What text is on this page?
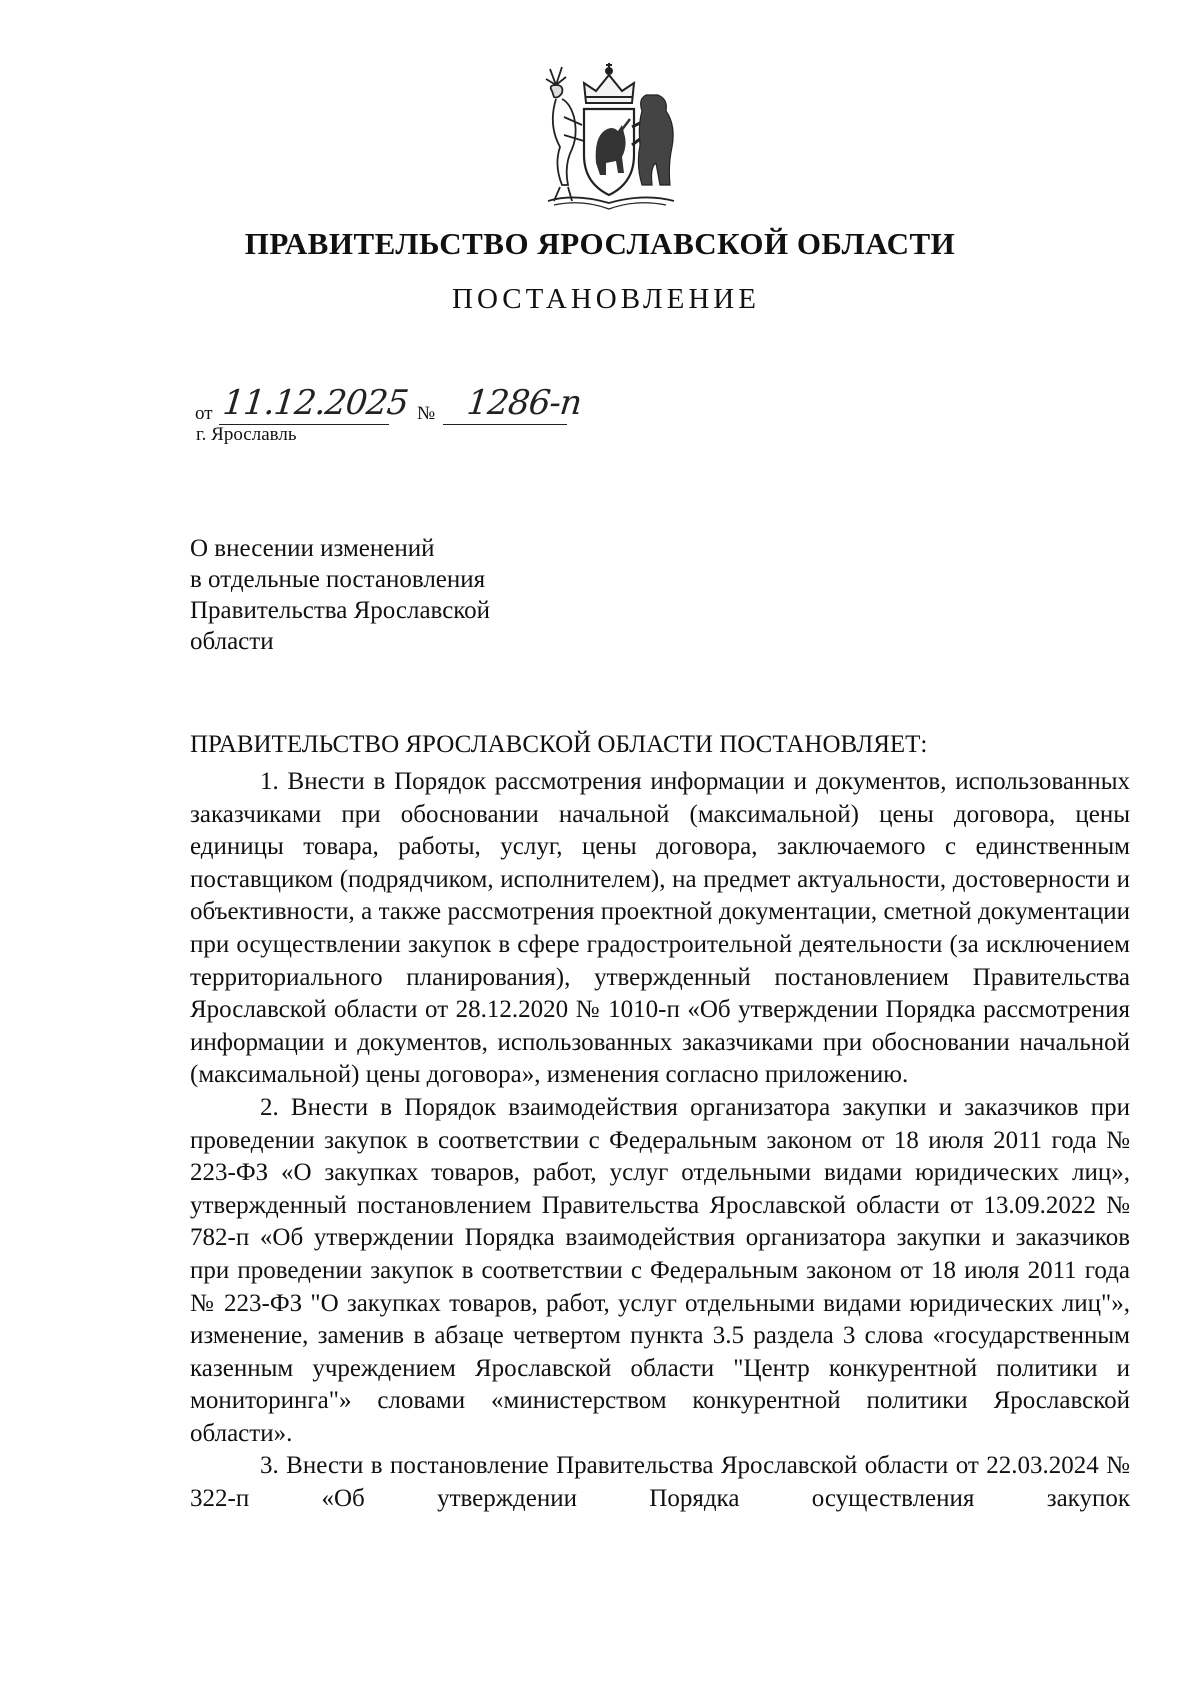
ПРАВИТЕЛЬСТВО ЯРОСЛАВСКОЙ ОБЛАСТИ
ПОСТАНОВЛЕНИЕ
от 11.12.2025 № 1286-п
г. Ярославль
О внесении изменений
в отдельные постановления
Правительства Ярославской
области
ПРАВИТЕЛЬСТВО ЯРОСЛАВСКОЙ ОБЛАСТИ ПОСТАНОВЛЯЕТ:

1. Внести в Порядок рассмотрения информации и документов, использованных заказчиками при обосновании начальной (максимальной) цены договора, цены единицы товара, работы, услуг, цены договора, заключаемого с единственным поставщиком (подрядчиком, исполнителем), на предмет актуальности, достоверности и объективности, а также рассмотрения проектной документации, сметной документации при осуществлении закупок в сфере градостроительной деятельности (за исключением территориального планирования), утвержденный постановлением Правительства Ярославской области от 28.12.2020 № 1010-п «Об утверждении Порядка рассмотрения информации и документов, использованных заказчиками при обосновании начальной (максимальной) цены договора», изменения согласно приложению.

2. Внести в Порядок взаимодействия организатора закупки и заказчиков при проведении закупок в соответствии с Федеральным законом от 18 июля 2011 года № 223-ФЗ «О закупках товаров, работ, услуг отдельными видами юридических лиц», утвержденный постановлением Правительства Ярославской области от 13.09.2022 № 782-п «Об утверждении Порядка взаимодействия организатора закупки и заказчиков при проведении закупок в соответствии с Федеральным законом от 18 июля 2011 года № 223-ФЗ "О закупках товаров, работ, услуг отдельными видами юридических лиц"», изменение, заменив в абзаце четвертом пункта 3.5 раздела 3 слова «государственным казенным учреждением Ярославской области "Центр конкурентной политики и мониторинга"» словами «министерством конкурентной политики Ярославской области».

3. Внести в постановление Правительства Ярославской области от 22.03.2024 № 322-п «Об утверждении Порядка осуществления закупок
